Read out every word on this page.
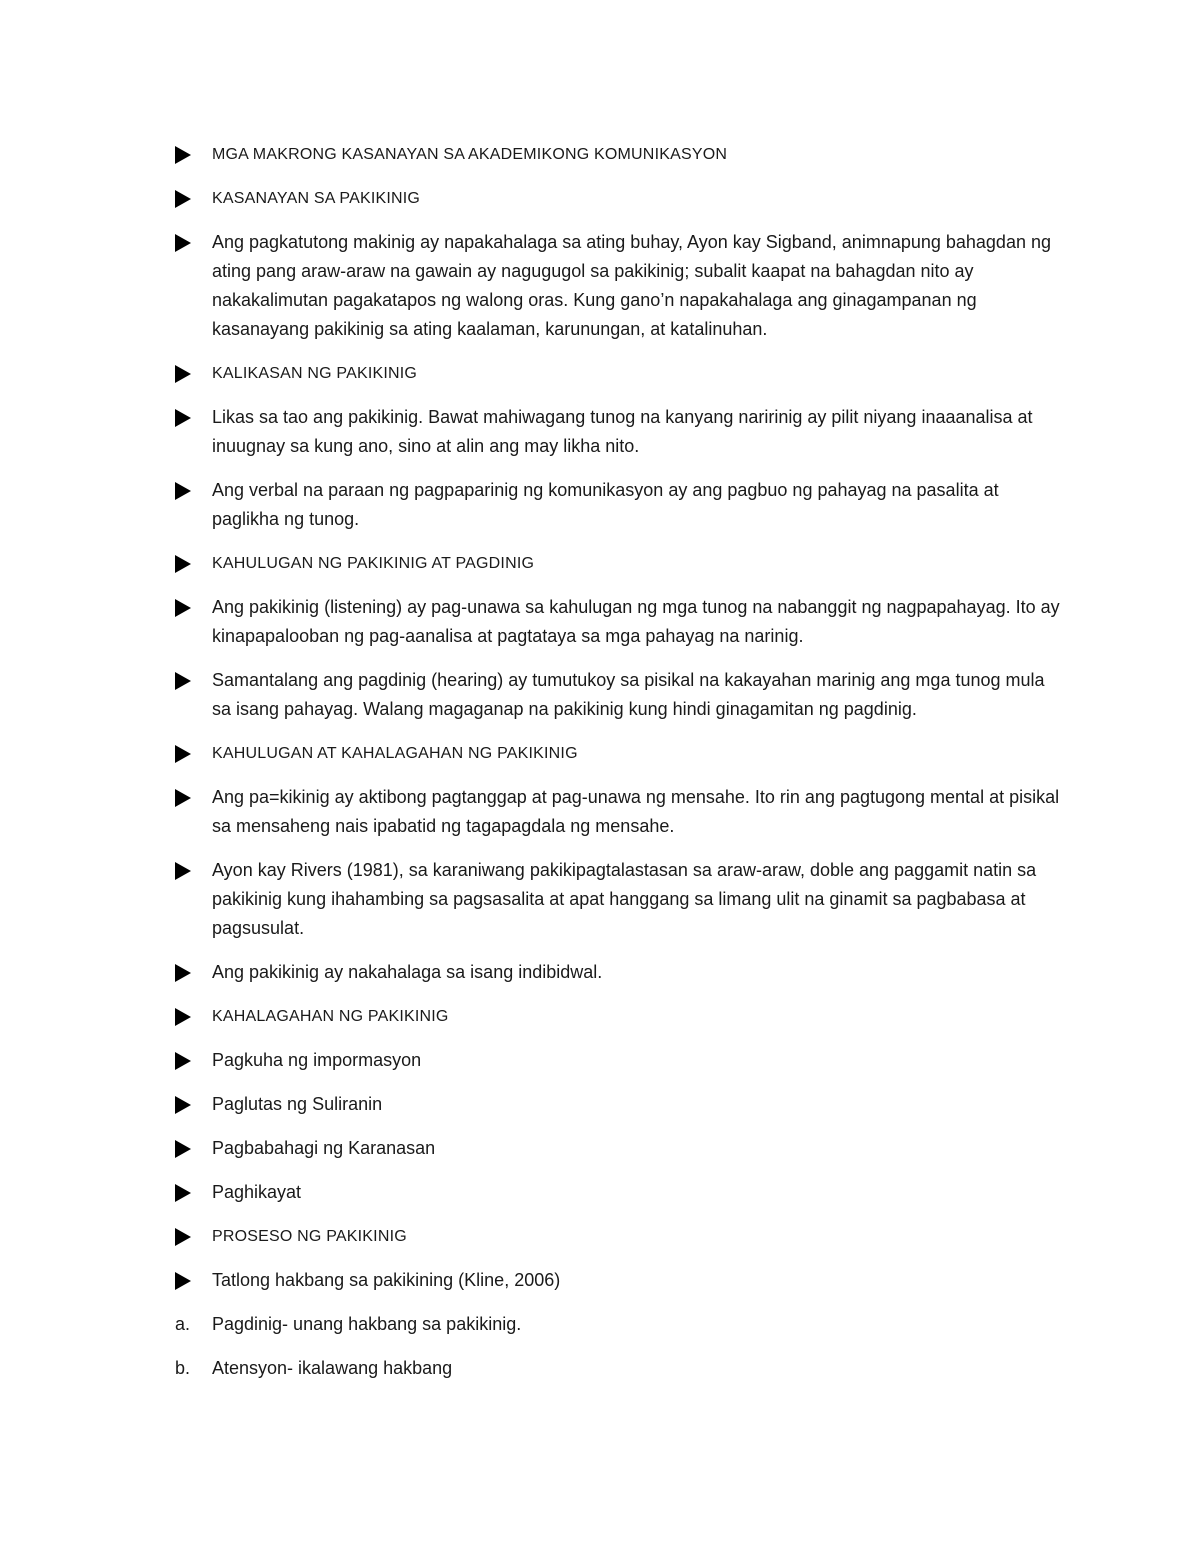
MGA MAKRONG KASANAYAN SA AKADEMIKONG KOMUNIKASYON
KASANAYAN SA PAKIKINIG
Ang pagkatutong makinig ay napakahalaga sa ating buhay, Ayon kay Sigband, animnapung bahagdan ng ating pang araw-araw na gawain ay nagugugol sa pakikinig; subalit kaapat na bahagdan nito ay nakakalimutan pagakatapos ng walong oras. Kung gano’n napakahalaga ang ginagampanan ng kasanayang pakikinig sa ating kaalaman, karunungan, at katalinuhan.
KALIKASAN NG PAKIKINIG
Likas sa tao ang pakikinig. Bawat mahiwagang tunog na kanyang naririnig ay pilit niyang inaaanalisa at inuugnay sa kung ano, sino at alin ang may likha nito.
Ang verbal na paraan ng pagpaparinig ng komunikasyon ay ang pagbuo ng pahayag na pasalita at paglikha ng tunog.
KAHULUGAN NG PAKIKINIG AT PAGDINIG
Ang pakikinig (listening) ay pag-unawa sa kahulugan ng mga tunog na nabanggit ng nagpapahayag. Ito ay kinapapalooban ng pag-aanalisa at pagtataya sa mga pahayag na narinig.
Samantalang ang pagdinig (hearing) ay tumutukoy sa pisikal na kakayahan marinig ang mga tunog mula sa isang pahayag. Walang magaganap na pakikinig kung hindi ginagamitan ng pagdinig.
KAHULUGAN AT KAHALAGAHAN NG PAKIKINIG
Ang pa=kikinig ay aktibong pagtanggap at pag-unawa ng mensahe. Ito rin ang pagtugong mental at pisikal sa mensaheng nais ipabatid ng tagapagdala ng mensahe.
Ayon kay Rivers (1981), sa karaniwang pakikipagtalastasan sa araw-araw, doble ang paggamit natin sa pakikinig kung ihahambing sa pagsasalita at apat hanggang sa limang ulit na ginamit sa pagbabasa at pagsusulat.
Ang pakikinig ay nakahalaga sa isang indibidwal.
KAHALAGAHAN NG PAKIKINIG
Pagkuha ng impormasyon
Paglutas ng Suliranin
Pagbabahagi ng Karanasan
Paghikayat
PROSESO NG PAKIKINIG
Tatlong hakbang sa pakikining (Kline, 2006)
a.	Pagdinig- unang hakbang sa pakikinig.
b.	Atensyon- ikalawang hakbang
